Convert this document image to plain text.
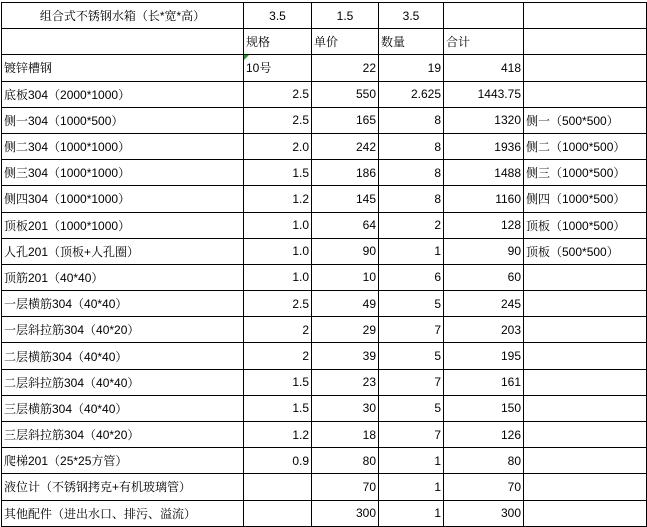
组合式不锈钢水箱（长*宽*高）	3.5	1.5	3.5		
	规格	单价	数量	合计	
镀锌槽钢	10号	22	19	418	
底板304（2000*1000）	2.5	550	2.625	1443.75	
侧一304（1000*500）	2.5	165	8	1320	侧一（500*500）
侧二304（1000*1000）	2.0	242	8	1936	侧二（1000*500）
侧三304（1000*1000）	1.5	186	8	1488	侧三（1000*500）
侧四304（1000*1000）	1.2	145	8	1160	侧四（1000*500）
顶板201（1000*1000）	1.0	64	2	128	顶板（1000*500）
人孔201（顶板+人孔圈）	1.0	90	1	90	顶板（500*500）
顶筋201（40*40）	1.0	10	6	60	
一层横筋304（40*40）	2.5	49	5	245	
一层斜拉筋304（40*20）	2	29	7	203	
二层横筋304（40*40）	2	39	5	195	
二层斜拉筋304（40*40）	1.5	23	7	161	
三层横筋304（40*40）	1.5	30	5	150	
三层斜拉筋304（40*20）	1.2	18	7	126	
爬梯201（25*25方管）	0.9	80	1	80	
液位计（不锈钢拷克+有机玻璃管）		70	1	70	
其他配件（进出水口、排污、溢流）		300	1	300	
